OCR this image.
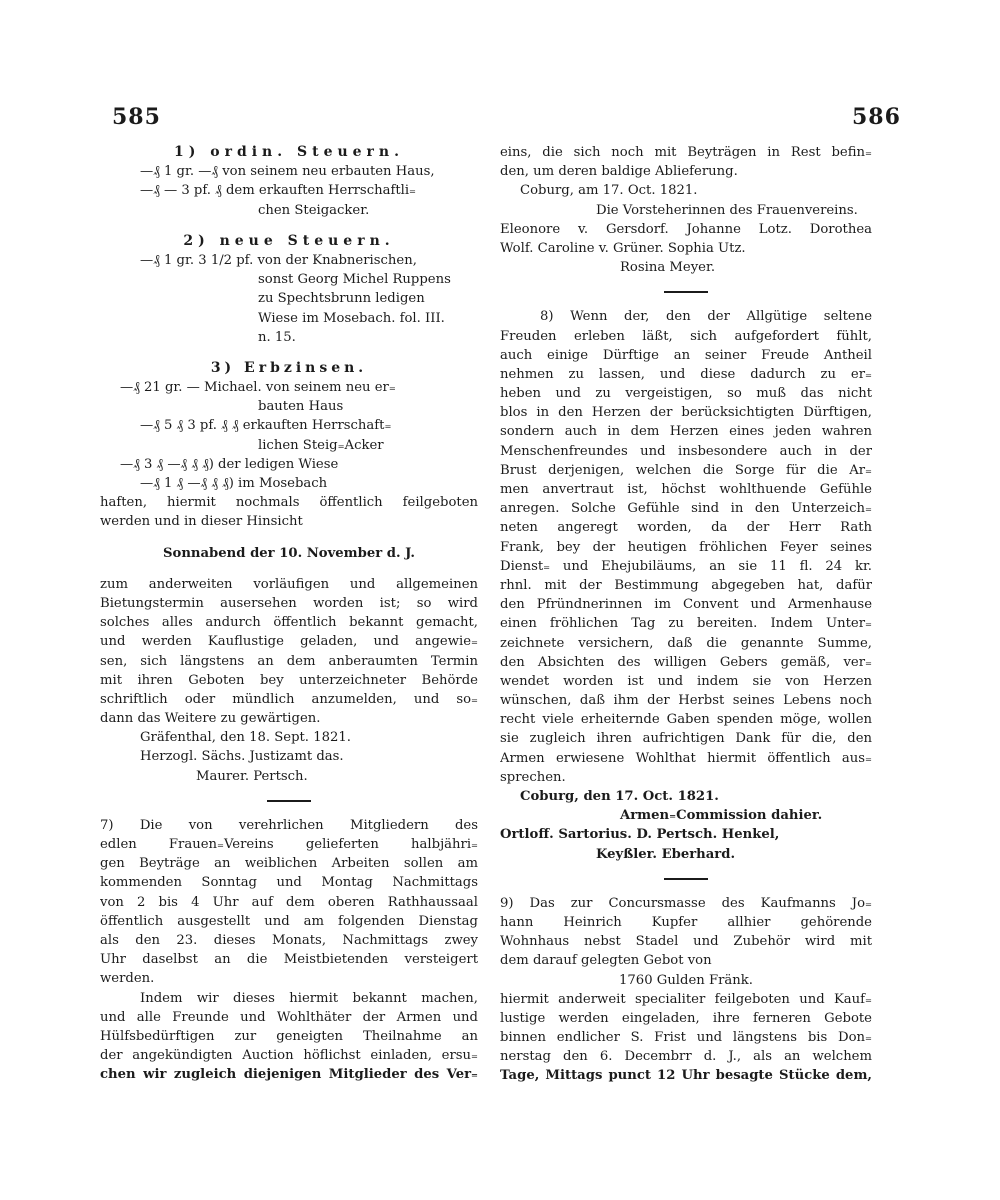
585	586
1) ordin. Steuern.
—₰ 1 gr. —₰ von seinem neu erbauten Haus,
—₰ — 3 pf. ₰ dem erkauften Herrschaftli₌
chen Steigacker.
2) neue Steuern.
—₰ 1 gr. 3 1/2 pf. von der Knabnerischen,
sonst Georg Michel Ruppens
zu Spechtsbrunn ledigen
Wiese im Mosebach. fol. III.
n. 15.
3) Erbzinsen.
—₰ 21 gr. — Michael. von seinem neu er₌
bauten Haus
—₰ 5 ₰ 3 pf. ₰ ₰ erkauften Herrschaft₌
lichen Steig₌Acker
—₰ 3 ₰ —₰ ₰ ₰) der ledigen Wiese
—₰ 1 ₰ —₰ ₰ ₰) im Mosebach
haften, hiermit nochmals öffentlich feilgeboten
werden und in dieser Hinsicht
Sonnabend der 10. November d. J.
zum anderweiten vorläufigen und allgemeinen
Bietungstermin ausersehen worden ist; so wird
solches alles andurch öffentlich bekannt gemacht,
und werden Kauflustige geladen, und angewie₌
sen, sich längstens an dem anberaumten Termin
mit ihren Geboten bey unterzeichneter Behörde
schriftlich oder mündlich anzumelden, und so₌
dann das Weitere zu gewärtigen.
Gräfenthal, den 18. Sept. 1821.
Herzogl. Sächs. Justizamt das.
Maurer. Pertsch.
7) Die von verehrlichen Mitgliedern des
edlen Frauen₌Vereins gelieferten halbjähri₌
gen Beyträge an weiblichen Arbeiten sollen am
kommenden Sonntag und Montag Nachmittags
von 2 bis 4 Uhr auf dem oberen Rathhaussaal
öffentlich ausgestellt und am folgenden Dienstag
als den 23. dieses Monats, Nachmittags zwey
Uhr daselbst an die Meistbietenden versteigert
werden.
Indem wir dieses hiermit bekannt machen,
und alle Freunde und Wohlthäter der Armen und
Hülfsbedürftigen zur geneigten Theilnahme an
der angekündigten Auction höflichst einladen, ersu₌
chen wir zugleich diejenigen Mitglieder des Ver₌
eins, die sich noch mit Beyträgen in Rest befin₌
den, um deren baldige Ablieferung.
Coburg, am 17. Oct. 1821.
Die Vorsteherinnen des Frauenvereins.
Eleonore v. Gersdorf. Johanne Lotz. Dorothea
Wolf. Caroline v. Grüner. Sophia Utz.
Rosina Meyer.
8) Wenn der, den der Allgütige seltene
Freuden erleben läßt, sich aufgefordert fühlt,
auch einige Dürftige an seiner Freude Antheil
nehmen zu lassen, und diese dadurch zu er₌
heben und zu vergeistigen, so muß das nicht
blos in den Herzen der berücksichtigten Dürftigen,
sondern auch in dem Herzen eines jeden wahren
Menschenfreundes und insbesondere auch in der
Brust derjenigen, welchen die Sorge für die Ar₌
men anvertraut ist, höchst wohlthuende Gefühle
anregen. Solche Gefühle sind in den Unterzeich₌
neten angeregt worden, da der Herr Rath
Frank, bey der heutigen fröhlichen Feyer seines
Dienst₌ und Ehejubiläums, an sie 11 fl. 24 kr.
rhnl. mit der Bestimmung abgegeben hat, dafür
den Pfründnerinnen im Convent und Armenhause
einen fröhlichen Tag zu bereiten. Indem Unter₌
zeichnete versichern, daß die genannte Summe,
den Absichten des willigen Gebers gemäß, ver₌
wendet worden ist und indem sie von Herzen
wünschen, daß ihm der Herbst seines Lebens noch
recht viele erheiternde Gaben spenden möge, wollen
sie zugleich ihren aufrichtigen Dank für die, den
Armen erwiesene Wohlthat hiermit öffentlich aus₌
sprechen.
Coburg, den 17. Oct. 1821.
Armen₌Commission dahier.
Ortloff. Sartorius. D. Pertsch. Henkel,
Keyßler. Eberhard.
9) Das zur Concursmasse des Kaufmanns Jo₌
hann Heinrich Kupfer allhier gehörende
Wohnhaus nebst Stadel und Zubehör wird mit
dem darauf gelegten Gebot von
1760 Gulden Fränk.
hiermit anderweit specialiter feilgeboten und Kauf₌
lustige werden eingeladen, ihre ferneren Gebote
binnen endlicher S. Frist und längstens bis Don₌
nerstag den 6. Decembrr d. J., als an welchem
Tage, Mittags punct 12 Uhr besagte Stücke dem,
